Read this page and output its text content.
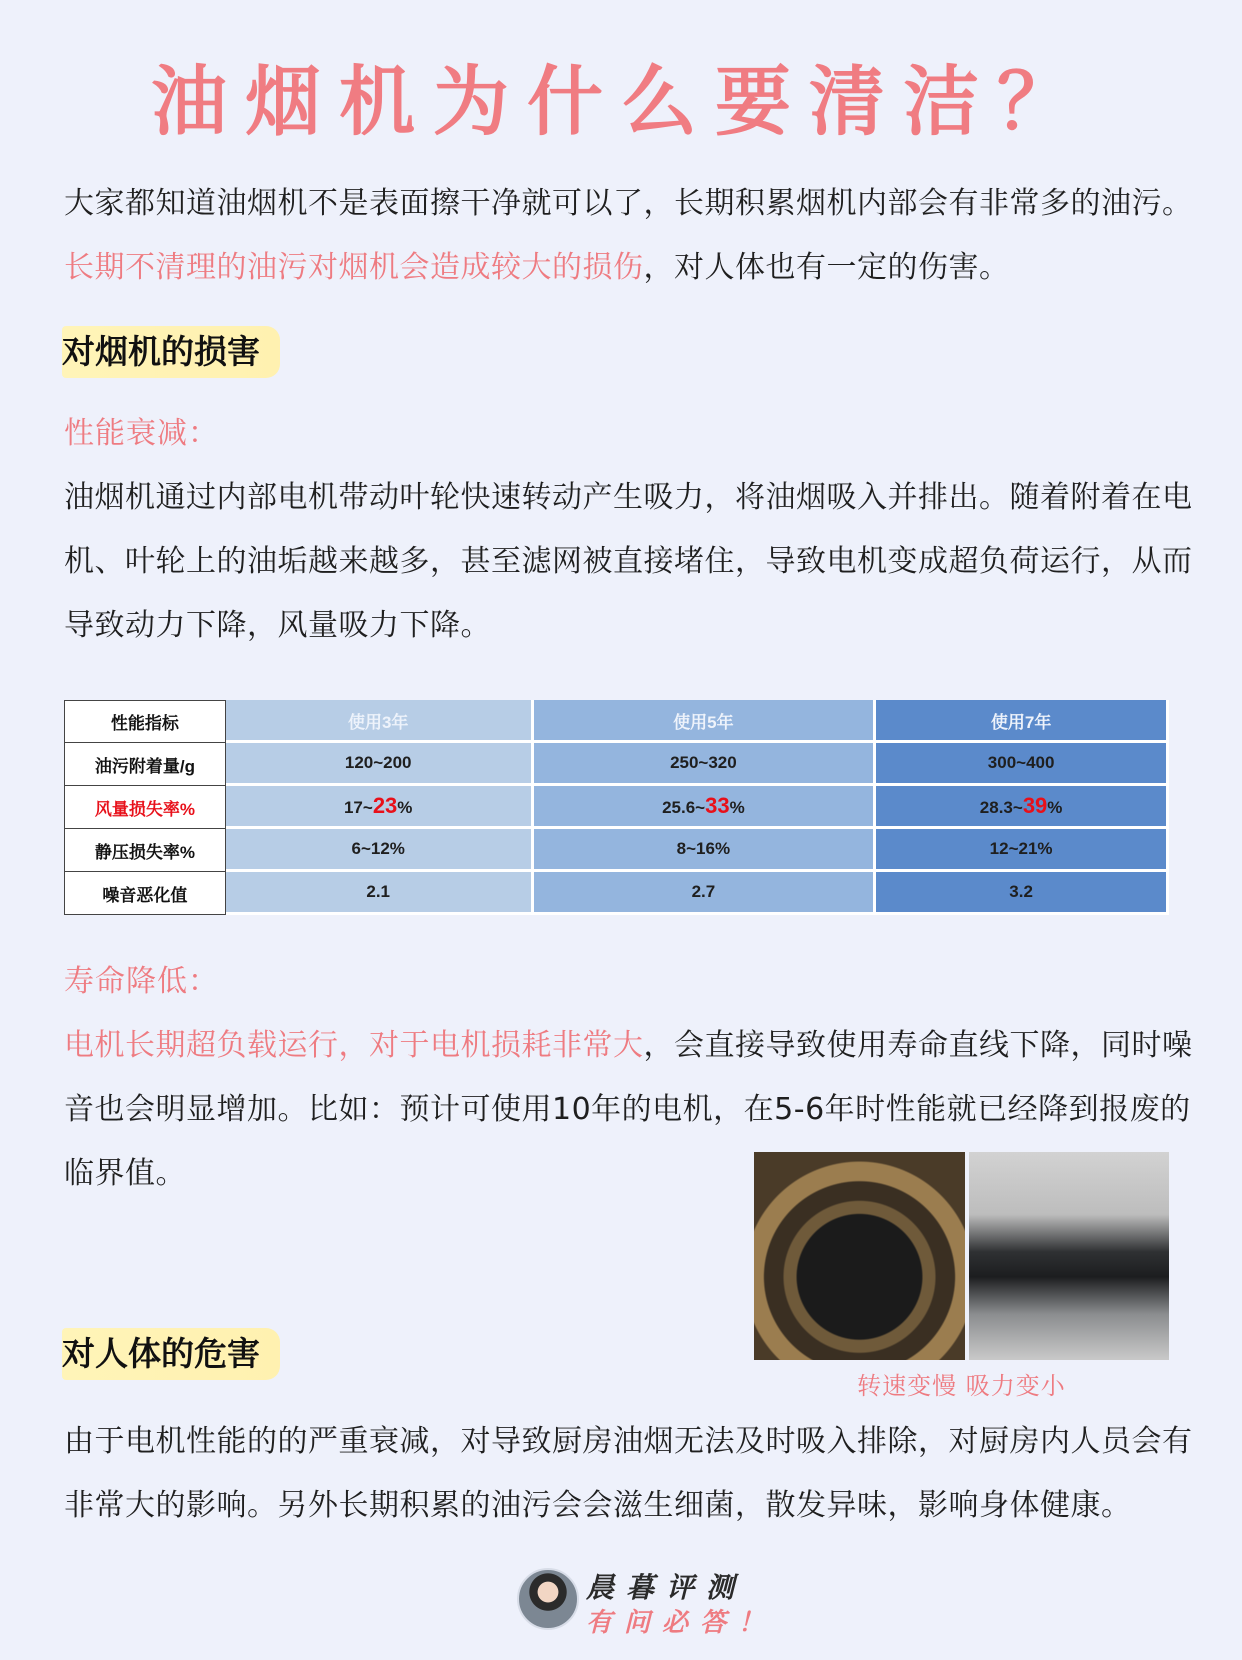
油烟机为什么要清洁？
大家都知道油烟机不是表面擦干净就可以了，长期积累烟机内部会有非常多的油污。长期不清理的油污对烟机会造成较大的损伤，对人体也有一定的伤害。
对烟机的损害
性能衰减：
油烟机通过内部电机带动叶轮快速转动产生吸力，将油烟吸入并排出。随着附着在电机、叶轮上的油垢越来越多，甚至滤网被直接堵住，导致电机变成超负荷运行，从而导致动力下降，风量吸力下降。
性能指标	使用3年	使用5年	使用7年
油污附着量/g	120~200	250~320	300~400
风量损失率%	17~23%	25.6~33%	28.3~39%
静压损失率%	6~12%	8~16%	12~21%
噪音恶化值	2.1	2.7	3.2
寿命降低：
电机长期超负载运行，对于电机损耗非常大，会直接导致使用寿命直线下降，同时噪音也会明显增加。比如：预计可使用10年的电机，在5-6年时性能就已经降到报废的临界值。
转速变慢 吸力变小
对人体的危害
由于电机性能的的严重衰减，对导致厨房油烟无法及时吸入排除，对厨房内人员会有非常大的影响。另外长期积累的油污会会滋生细菌，散发异味，影响身体健康。
晨暮评测
有问必答！
